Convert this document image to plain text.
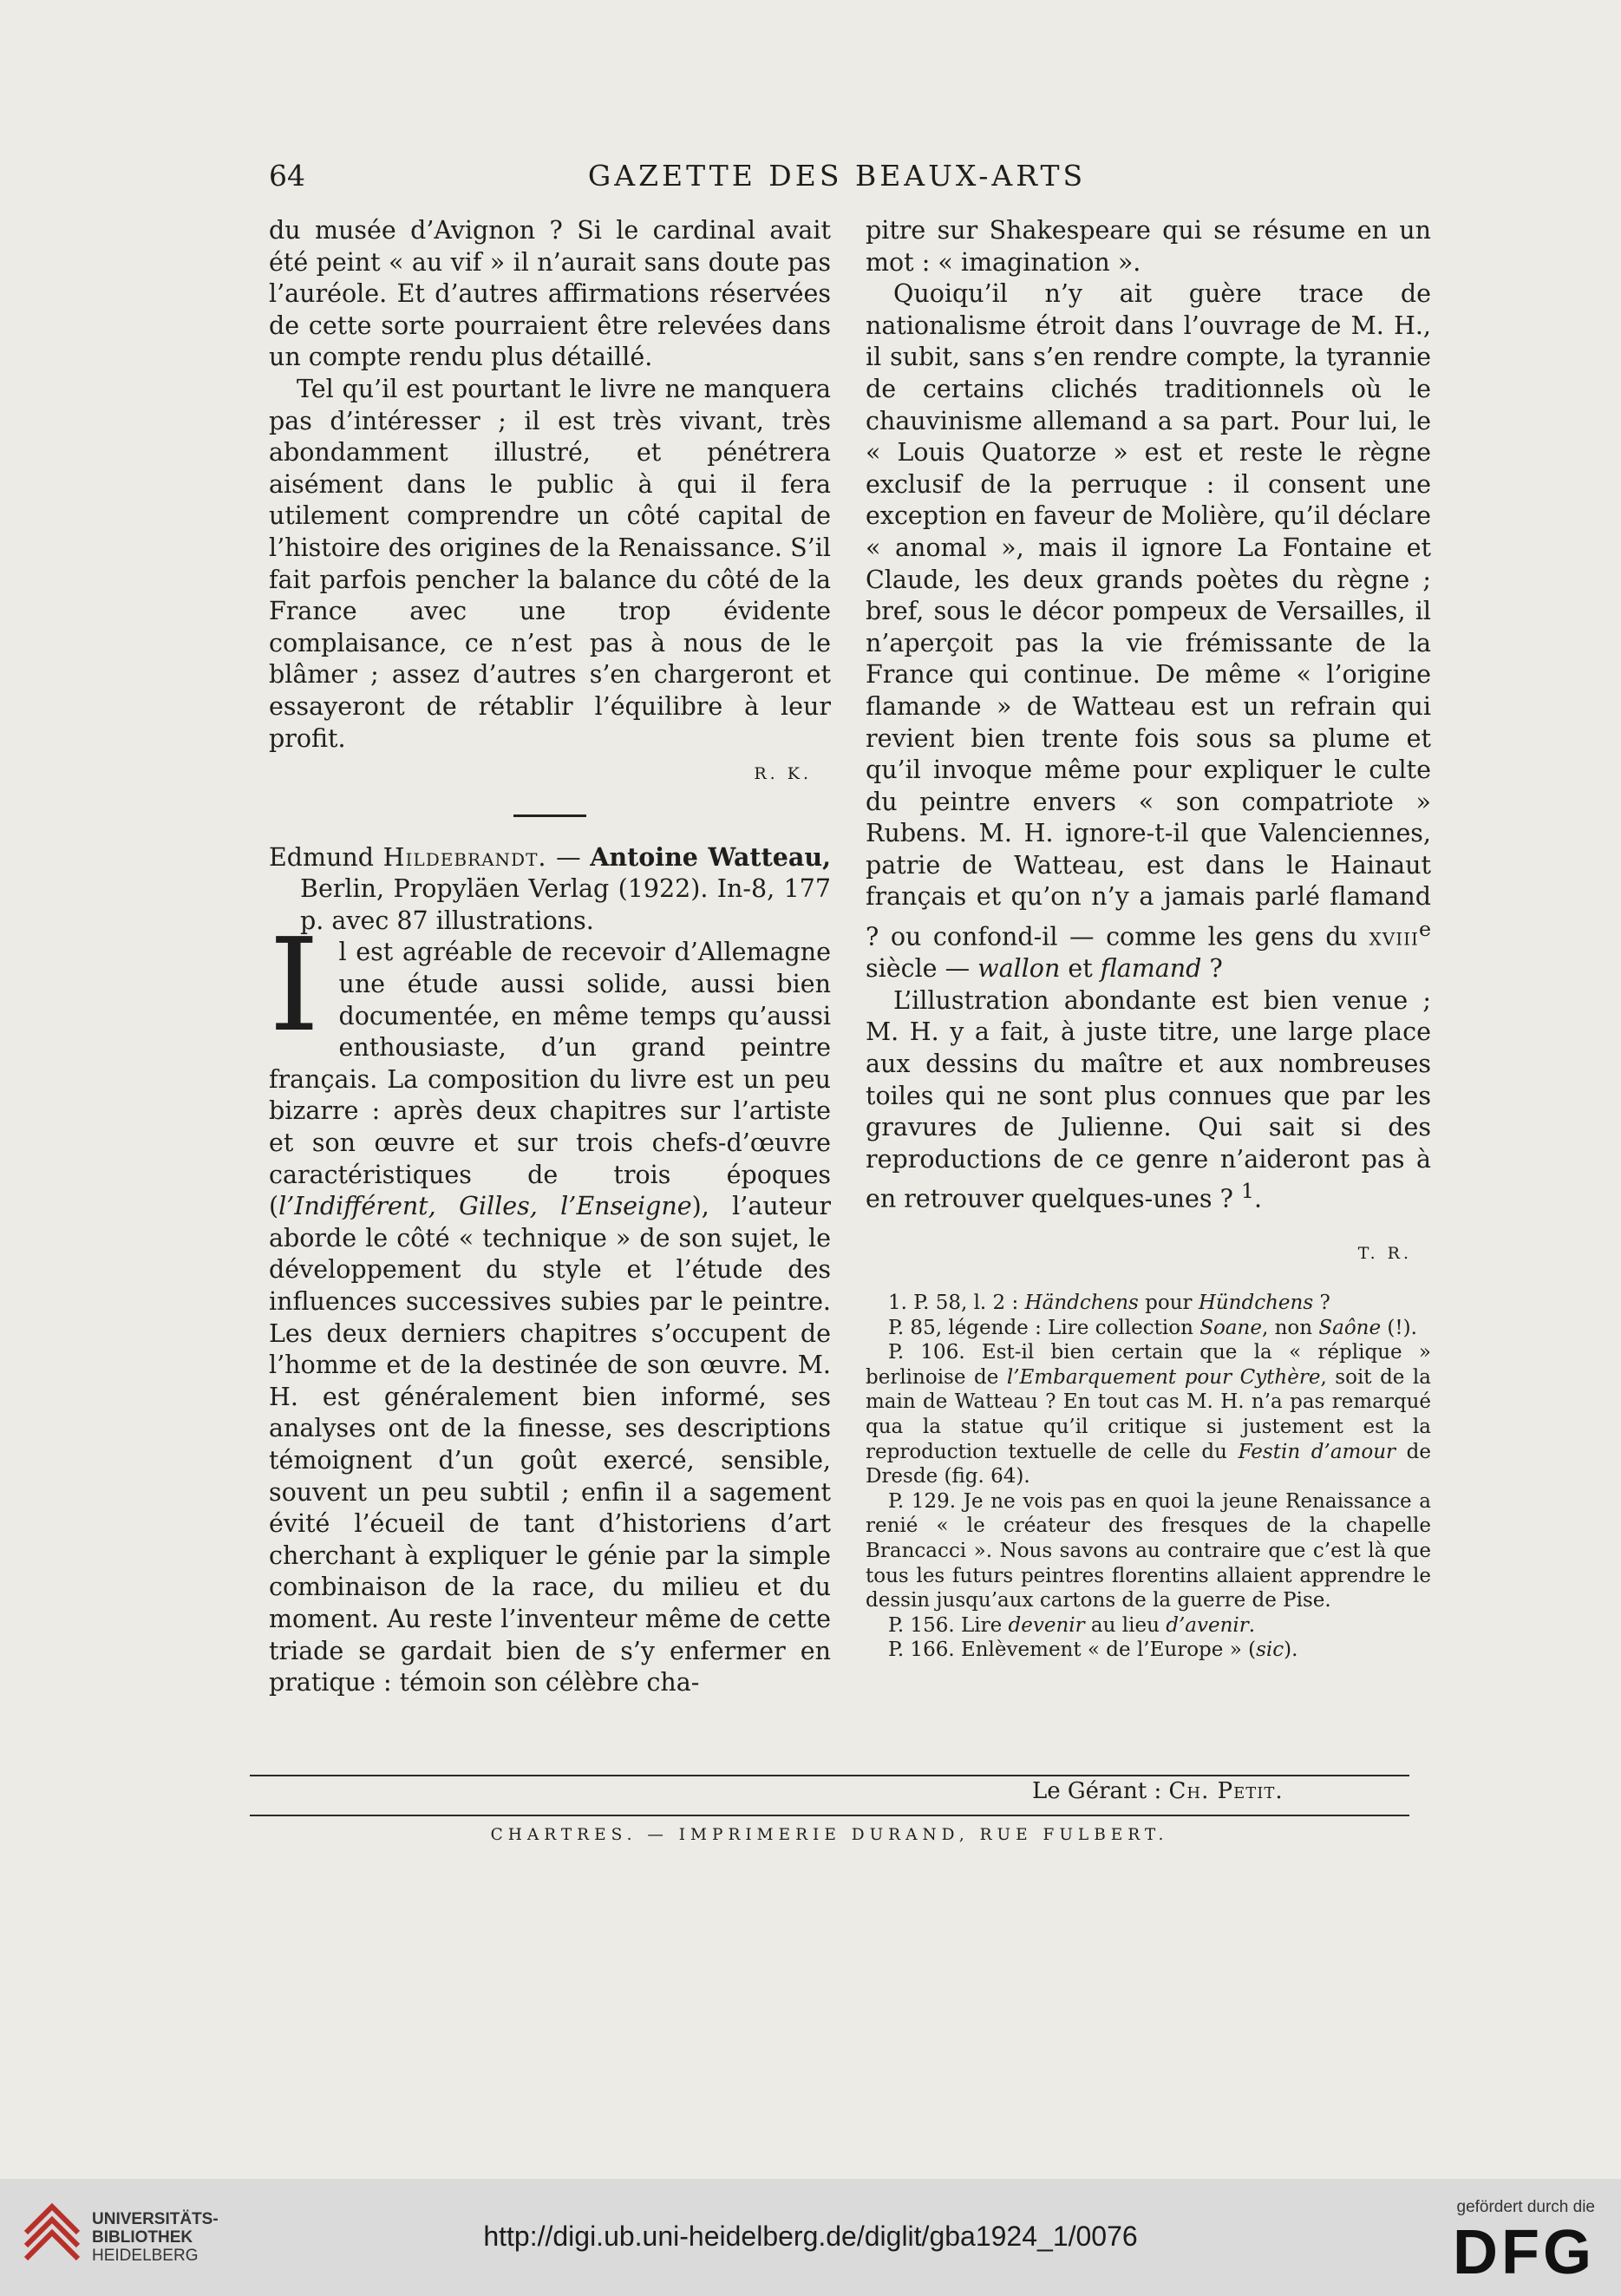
64	GAZETTE DES BEAUX-ARTS

du musée d’Avignon ? Si le cardinal avait été peint « au vif » il n’aurait sans doute pas l’auréole. Et d’autres affirmations réservées de cette sorte pourraient être relevées dans un compte rendu plus détaillé.

Tel qu’il est pourtant le livre ne manquera pas d’intéresser ; il est très vivant, très abondamment illustré, et pénétrera aisément dans le public à qui il fera utilement comprendre un côté capital de l’histoire des origines de la Renaissance. S’il fait parfois pencher la balance du côté de la France avec une trop évidente complaisance, ce n’est pas à nous de le blâmer ; assez d’autres s’en chargeront et essayeront de rétablir l’équilibre à leur profit.

R. K.

Edmund Hildebrandt. — Antoine Watteau, Berlin, Propyläen Verlag (1922). In-8, 177 p. avec 87 illustrations.

Il est agréable de recevoir d’Allemagne une étude aussi solide, aussi bien documentée, en même temps qu’aussi enthousiaste, d’un grand peintre français. La composition du livre est un peu bizarre : après deux chapitres sur l’artiste et son œuvre et sur trois chefs-d’œuvre caractéristiques de trois époques (l’Indifférent, Gilles, l’Enseigne), l’auteur aborde le côté « technique » de son sujet, le développement du style et l’étude des influences successives subies par le peintre. Les deux derniers chapitres s’occupent de l’homme et de la destinée de son œuvre. M. H. est généralement bien informé, ses analyses ont de la finesse, ses descriptions témoignent d’un goût exercé, sensible, souvent un peu subtil ; enfin il a sagement évité l’écueil de tant d’historiens d’art cherchant à expliquer le génie par la simple combinaison de la race, du milieu et du moment. Au reste l’inventeur même de cette triade se gardait bien de s’y enfermer en pratique : témoin son célèbre cha-

pitre sur Shakespeare qui se résume en un mot : « imagination ».

Quoiqu’il n’y ait guère trace de nationalisme étroit dans l’ouvrage de M. H., il subit, sans s’en rendre compte, la tyrannie de certains clichés traditionnels où le chauvinisme allemand a sa part. Pour lui, le « Louis Quatorze » est et reste le règne exclusif de la perruque : il consent une exception en faveur de Molière, qu’il déclare « anomal », mais il ignore La Fontaine et Claude, les deux grands poètes du règne ; bref, sous le décor pompeux de Versailles, il n’aperçoit pas la vie frémissante de la France qui continue. De même « l’origine flamande » de Watteau est un refrain qui revient bien trente fois sous sa plume et qu’il invoque même pour expliquer le culte du peintre envers « son compatriote » Rubens. M. H. ignore-t-il que Valenciennes, patrie de Watteau, est dans le Hainaut français et qu’on n’y a jamais parlé flamand ? ou confond-il — comme les gens du xviii$^e$ siècle — wallon et flamand ?

L’illustration abondante est bien venue ; M. H. y a fait, à juste titre, une large place aux dessins du maître et aux nombreuses toiles qui ne sont plus connues que par les gravures de Julienne. Qui sait si des reproductions de ce genre n’aideront pas à en retrouver quelques-unes ? $^1$.

T. R.

1. P. 58, l. 2 : Händchens pour Hündchens ?

P. 85, légende : Lire collection Soane, non Saône (!).

P. 106. Est-il bien certain que la « réplique » berlinoise de l’Embarquement pour Cythère, soit de la main de Watteau ? En tout cas M. H. n’a pas remarqué qua la statue qu’il critique si justement est la reproduction textuelle de celle du Festin d’amour de Dresde (fig. 64).

P. 129. Je ne vois pas en quoi la jeune Renaissance a renié « le créateur des fresques de la chapelle Brancacci ». Nous savons au contraire que c’est là que tous les futurs peintres florentins allaient apprendre le dessin jusqu’aux cartons de la guerre de Pise.

P. 156. Lire devenir au lieu d’avenir.

P. 166. Enlèvement « de l’Europe » (sic).

Le Gérant : Ch. Petit.
CHARTRES. — IMPRIMERIE DURAND, RUE FULBERT.
UNIVERSITÄTS-
BIBLIOTHEK
HEIDELBERG
http://digi.ub.uni-heidelberg.de/diglit/gba1924_1/0076
gefördert durch die
DFG
